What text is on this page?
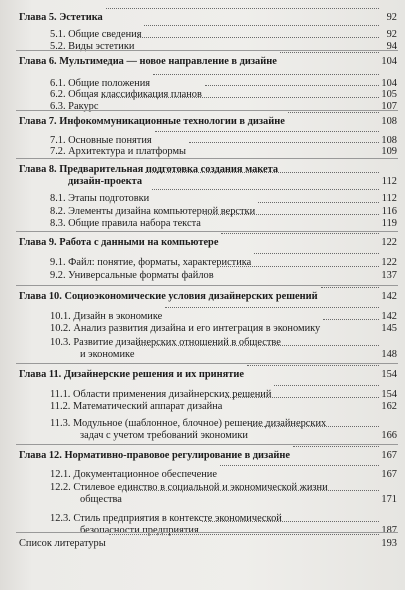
Глава 5. Эстетика	92
5.1. Общие сведения	92
5.2. Виды эстетики	94
Глава 6. Мультимедиа — новое направление в дизайне	104
6.1. Общие положения	104
6.2. Общая классификация планов	105
6.3. Ракурс	107
Глава 7. Инфокоммуникационные технологии в дизайне	108
7.1. Основные понятия	108
7.2. Архитектура и платформы	109
Глава 8. Предварительная подготовка создания макета
дизайн-проекта	112
8.1. Этапы подготовки	112
8.2. Элементы дизайна компьютерной верстки	116
8.3. Общие правила набора текста	119
Глава 9. Работа с данными на компьютере	122
9.1. Файл: понятие, форматы, характеристика	122
9.2. Универсальные форматы файлов	137
Глава 10. Социоэкономические условия дизайнерских решений	142
10.1. Дизайн в экономике	142
10.2. Анализ развития дизайна и его интеграция в экономику	145
10.3. Развитие дизайнерских отношений в обществе
и экономике	148
Глава 11. Дизайнерские решения и их принятие	154
11.1. Области применения дизайнерских решений	154
11.2. Математический аппарат дизайна	162
11.3. Модульное (шаблонное, блочное) решение дизайнерских
задач с учетом требований экономики	166
Глава 12. Нормативно-правовое регулирование в дизайне	167
12.1. Документационное обеспечение	167
12.2. Стилевое единство в социальной и экономической жизни
общества	171
12.3. Стиль предприятия в контексте экономической
безопасности предприятия	187
Список литературы	193
